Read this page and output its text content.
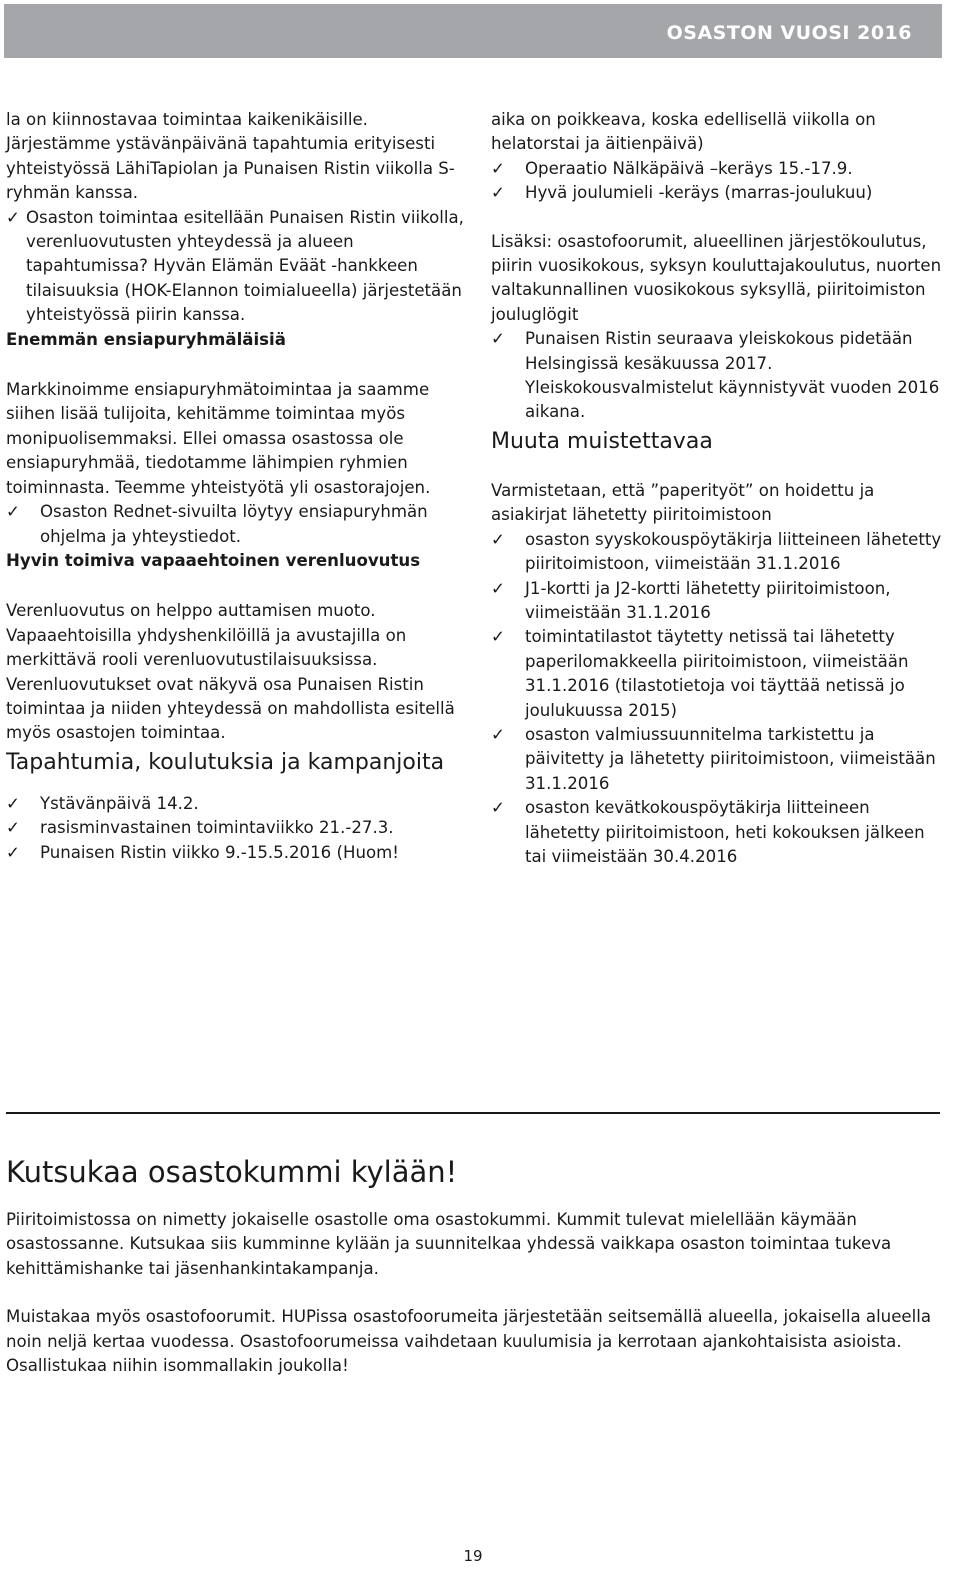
OSASTON VUOSI 2016

la on kiinnostavaa toimintaa kaikenikäisille. Järjestämme ystävänpäivänä tapahtumia erityisesti yhteistyössä LähiTapiolan ja Punaisen Ristin viikolla S-ryhmän kanssa.

✓ Osaston toimintaa esitellään Punaisen Ristin viikolla, verenluovutusten yhteydessä ja alueen tapahtumissa? Hyvän Elämän Eväät -hankkeen tilaisuuksia (HOK-Elannon toimialueella) järjestetään yhteistyössä piirin kanssa.
Enemmän ensiapuryhmäläisiä

Markkinoimme ensiapuryhmätoimintaa ja saamme siihen lisää tulijoita, kehitämme toimintaa myös monipuolisemmaksi. Ellei omassa osastossa ole ensiapuryhmää, tiedotamme lähimpien ryhmien toiminnasta. Teemme yhteistyötä yli osastorajojen.

✓	Osaston Rednet-sivuilta löytyy ensiapuryhmän ohjelma ja yhteystiedot.
Hyvin toimiva vapaaehtoinen verenluovutus

Verenluovutus on helppo auttamisen muoto. Vapaaehtoisilla yhdyshenkilöillä ja avustajilla on merkittävä rooli verenluovutustilaisuuksissa. Verenluovutukset ovat näkyvä osa Punaisen Ristin toimintaa ja niiden yhteydessä on mahdollista esitellä myös osastojen toimintaa.

Tapahtumia, koulutuksia ja kampanjoita
✓	Ystävänpäivä 14.2.
✓	rasisminvastainen toimintaviikko 21.-27.3.
✓	Punaisen Ristin viikko 9.-15.5.2016 (Huom!

aika on poikkeava, koska edellisellä viikolla on helatorstai ja äitienpäivä)

✓	Operaatio Nälkäpäivä –keräys 15.-17.9.
✓	Hyvä joulumieli -keräys (marras-joulukuu)

Lisäksi: osastofoorumit, alueellinen järjestökoulutus, piirin vuosikokous, syksyn kouluttajakoulutus, nuorten valtakunnallinen vuosikokous syksyllä, piiritoimiston jouluglögit

✓	Punaisen Ristin seuraava yleiskokous pidetään Helsingissä kesäkuussa 2017. Yleiskokousvalmistelut käynnistyvät vuoden 2016 aikana.
Muuta muistettavaa

Varmistetaan, että ”paperityöt” on hoidettu ja asiakirjat lähetetty piiritoimistoon

✓	osaston syyskokouspöytäkirja liitteineen lähetetty piiritoimistoon, viimeistään 31.1.2016
✓	J1-kortti ja J2-kortti lähetetty piiritoimistoon, viimeistään 31.1.2016
✓	toimintatilastot täytetty netissä tai lähetetty paperilomakkeella piiritoimistoon, viimeistään 31.1.2016 (tilastotietoja voi täyttää netissä jo joulukuussa 2015)
✓	osaston valmiussuunnitelma tarkistettu ja päivitetty ja lähetetty piiritoimistoon, viimeistään 31.1.2016
✓	osaston kevätkokouspöytäkirja liitteineen lähetetty piiritoimistoon, heti kokouksen jälkeen tai viimeistään 30.4.2016
Kutsukaa osastokummi kylään!

Piiritoimistossa on nimetty jokaiselle osastolle oma osastokummi. Kummit tulevat mielellään käymään osastossanne. Kutsukaa siis kumminne kylään ja suunnitelkaa yhdessä vaikkapa osaston toimintaa tukeva kehittämishanke tai jäsenhankintakampanja.

Muistakaa myös osastofoorumit. HUPissa osastofoorumeita järjestetään seitsemällä alueella, jokaisella alueella noin neljä kertaa vuodessa. Osastofoorumeissa vaihdetaan kuulumisia ja kerrotaan ajankohtaisista asioista. Osallistukaa niihin isommallakin joukolla!

19
